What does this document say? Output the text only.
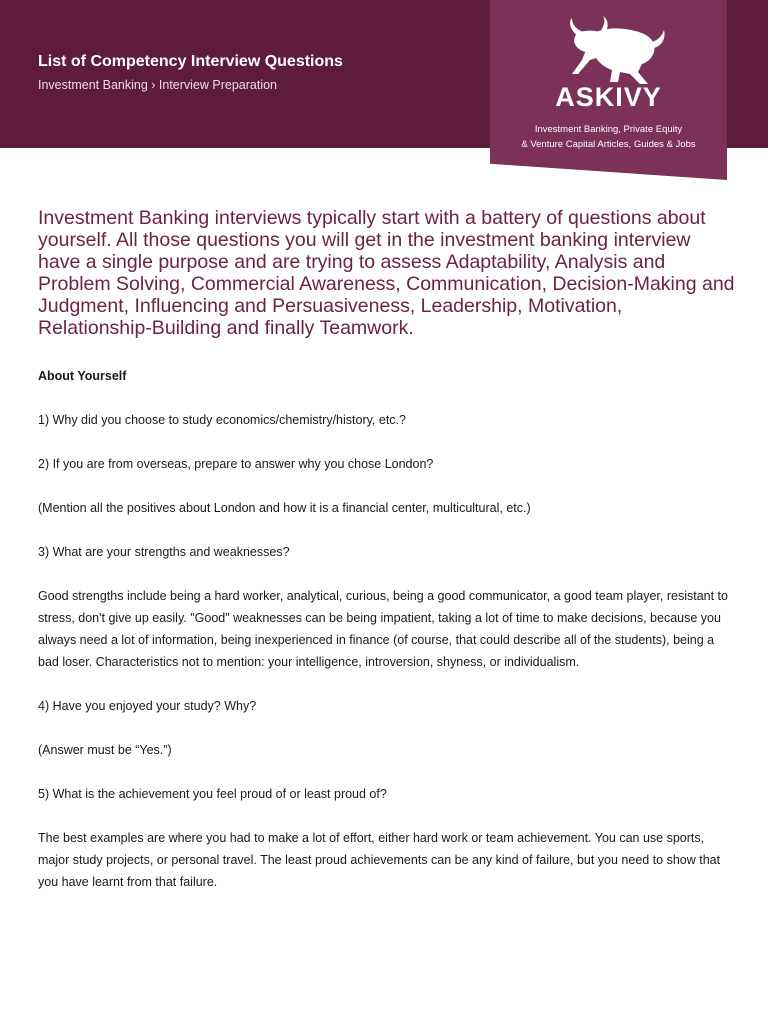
List of Competency Interview Questions
Investment Banking › Interview Preparation	ASKIVY
Investment Banking, Private Equity
& Venture Capital Articles, Guides & Jobs

Investment Banking interviews typically start with a battery of questions about yourself. All those questions you will get in the investment banking interview have a single purpose and are trying to assess Adaptability, Analysis and Problem Solving, Commercial Awareness, Communication, Decision-Making and Judgment, Influencing and Persuasiveness, Leadership, Motivation, Relationship-Building and finally Teamwork.

About Yourself

1) Why did you choose to study economics/chemistry/history, etc.?

2) If you are from overseas, prepare to answer why you chose London?

(Mention all the positives about London and how it is a financial center, multicultural, etc.)

3) What are your strengths and weaknesses?

Good strengths include being a hard worker, analytical, curious, being a good communicator, a good team player, resistant to stress, don't give up easily. "Good" weaknesses can be being impatient, taking a lot of time to make decisions, because you always need a lot of information, being inexperienced in finance (of course, that could describe all of the students), being a bad loser. Characteristics not to mention: your intelligence, introversion, shyness, or individualism.

4) Have you enjoyed your study? Why?

(Answer must be “Yes.”)

5) What is the achievement you feel proud of or least proud of?

The best examples are where you had to make a lot of effort, either hard work or team achievement. You can use sports, major study projects, or personal travel. The least proud achievements can be any kind of failure, but you need to show that you have learnt from that failure.
